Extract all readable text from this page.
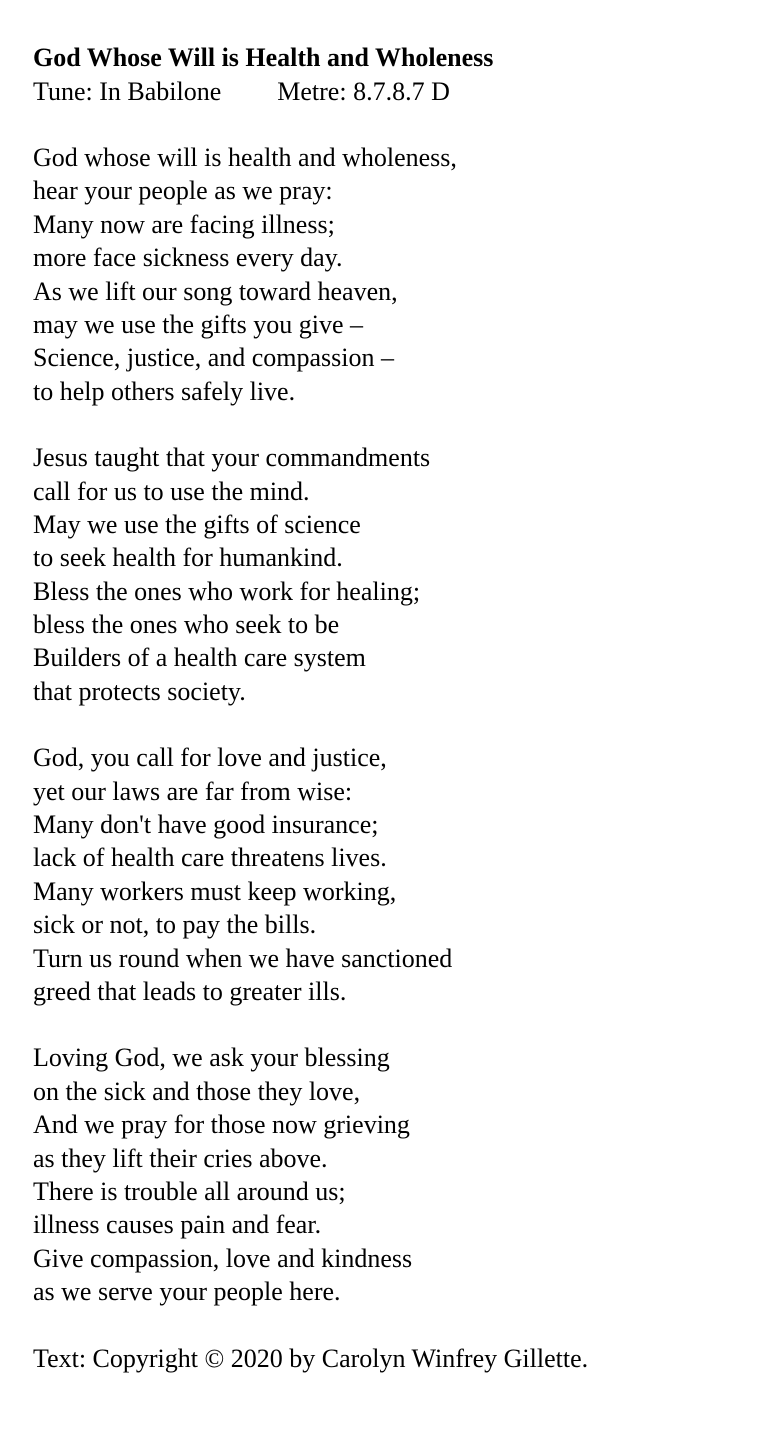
God Whose Will is Health and Wholeness
Tune: In Babilone Metre: 8.7.8.7 D
God whose will is health and wholeness,
hear your people as we pray:
Many now are facing illness;
more face sickness every day.
As we lift our song toward heaven,
may we use the gifts you give –
Science, justice, and compassion –
to help others safely live.
Jesus taught that your commandments
call for us to use the mind.
May we use the gifts of science
to seek health for humankind.
Bless the ones who work for healing;
bless the ones who seek to be
Builders of a health care system
that protects society.
God, you call for love and justice,
yet our laws are far from wise:
Many don't have good insurance;
lack of health care threatens lives.
Many workers must keep working,
sick or not, to pay the bills.
Turn us round when we have sanctioned
greed that leads to greater ills.
Loving God, we ask your blessing
on the sick and those they love,
And we pray for those now grieving
as they lift their cries above.
There is trouble all around us;
illness causes pain and fear.
Give compassion, love and kindness
as we serve your people here.
Text: Copyright © 2020 by Carolyn Winfrey Gillette.
